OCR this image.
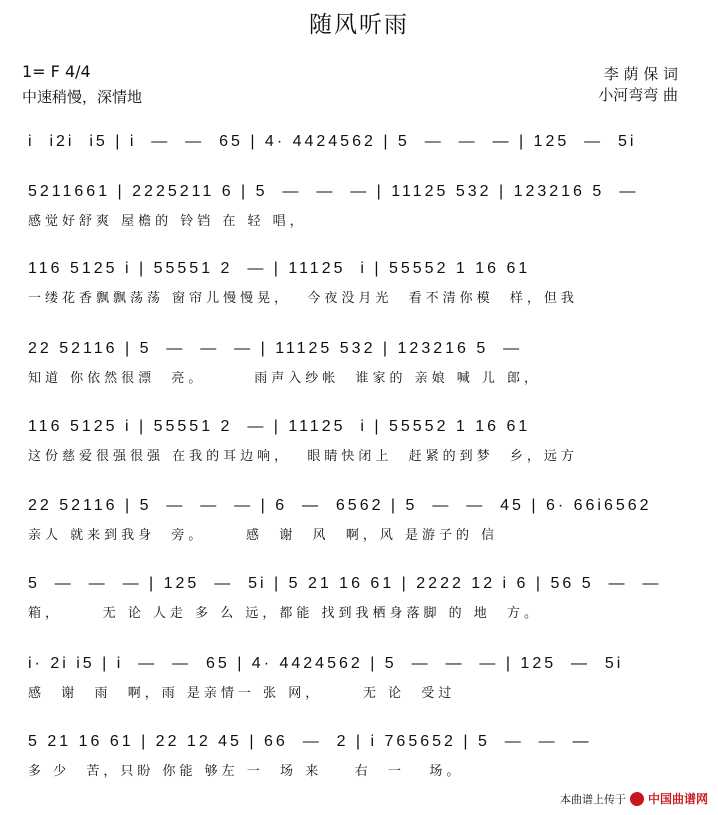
随风听雨
1= F 4/4
中速稍慢，深情地
李 荫 保 词
小河弯弯 曲
i  i2i  i5 | i  —  —  65 | 4· 4424562 | 5  —  —  — | 125  —  5i
5211661 | 2225211 6 | 5  —  —  — | 11125 532 | 123216 5  —
感觉好舒爽 屋檐的 铃铛 在 轻 唱，
116 5125 i | 55551 2  — | 11125  i | 55552 1 16 61
一缕花香飘飘荡荡 窗帘儿慢慢晃，  今夜没月光  看不清你模  样，但我
22 52116 | 5  —  —  — | 11125 532 | 123216 5  —
知道 你依然很漂  亮。      雨声入纱帐  谁家的 亲娘 喊 儿 郎，
116 5125 i | 55551 2  — | 11125  i | 55552 1 16 61
这份慈爱很强很强 在我的耳边响，  眼睛快闭上  赶紧的到梦  乡，远方
22 52116 | 5  —  —  — | 6  —  6562 | 5  —  —  45 | 6· 66i6562
亲人 就来到我身  旁。     感  谢  风  啊，风 是游子的 信
5  —  —  — | 125  —  5i | 5 21 16 61 | 2222 12 i 6 | 56 5  —  —
箱，     无 论 人走 多 么 远，都能 找到我栖身落脚 的 地  方。
i· 2i i5 | i  —  —  65 | 4· 4424562 | 5  —  —  — | 125  —  5i
感  谢  雨  啊，雨 是亲情一 张 网，     无 论  受过
5 21 16 61 | 22 12 45 | 66  —  2 | i 765652 | 5  —  —  —
多 少  苦，只盼 你能 够左 一  场 来    右  一   场。
本曲谱上传于 中国曲谱网
